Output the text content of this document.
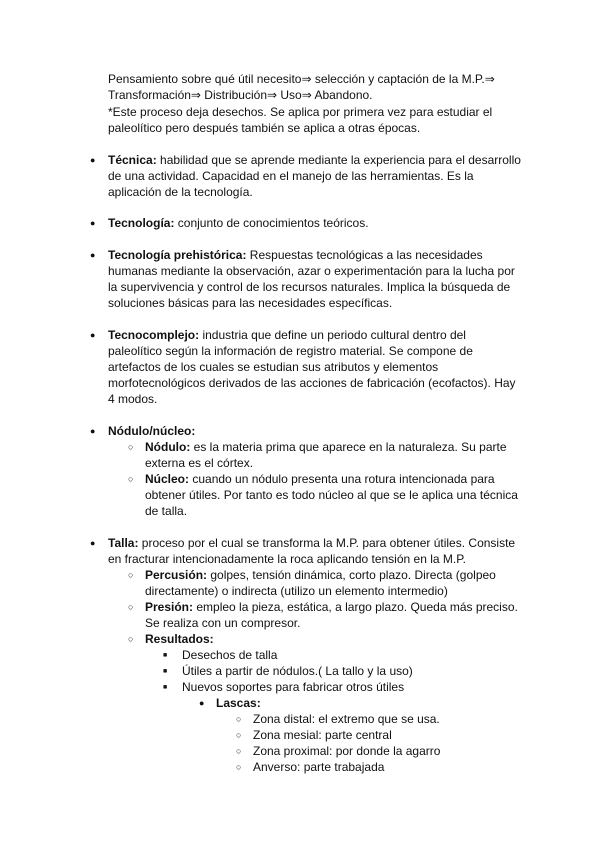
Pensamiento sobre qué útil necesito⇒ selección y captación de la M.P.⇒
Transformación⇒ Distribución⇒ Uso⇒ Abandono.
*Este proceso deja desechos. Se aplica por primera vez para estudiar el
paleolítico pero después también se aplica a otras épocas.
● Técnica: habilidad que se aprende mediante la experiencia para el desarrollo
de una actividad. Capacidad en el manejo de las herramientas. Es la
aplicación de la tecnología.
● Tecnología: conjunto de conocimientos teóricos.
● Tecnología prehistórica: Respuestas tecnológicas a las necesidades
humanas mediante la observación, azar o experimentación para la lucha por
la supervivencia y control de los recursos naturales. Implica la búsqueda de
soluciones básicas para las necesidades específicas.
● Tecnocomplejo: industria que define un periodo cultural dentro del
paleolítico según la información de registro material. Se compone de
artefactos de los cuales se estudian sus atributos y elementos
morfotecnológicos derivados de las acciones de fabricación (ecofactos). Hay
4 modos.
● Nódulo/núcleo:
○ Nódulo: es la materia prima que aparece en la naturaleza. Su parte
externa es el córtex.
○ Núcleo: cuando un nódulo presenta una rotura intencionada para
obtener útiles. Por tanto es todo núcleo al que se le aplica una técnica
de talla.
● Talla: proceso por el cual se transforma la M.P. para obtener útiles. Consiste
en fracturar intencionadamente la roca aplicando tensión en la M.P.
○ Percusión: golpes, tensión dinámica, corto plazo. Directa (golpeo
directamente) o indirecta (utilizo un elemento intermedio)
○ Presión: empleo la pieza, estática, a largo plazo. Queda más preciso.
Se realiza con un compresor.
○ Resultados:
■ Desechos de talla
■ Útiles a partir de nódulos.( La tallo y la uso)
■ Nuevos soportes para fabricar otros útiles
● Lascas:
○ Zona distal: el extremo que se usa.
○ Zona mesial: parte central
○ Zona proximal: por donde la agarro
○ Anverso: parte trabajada
